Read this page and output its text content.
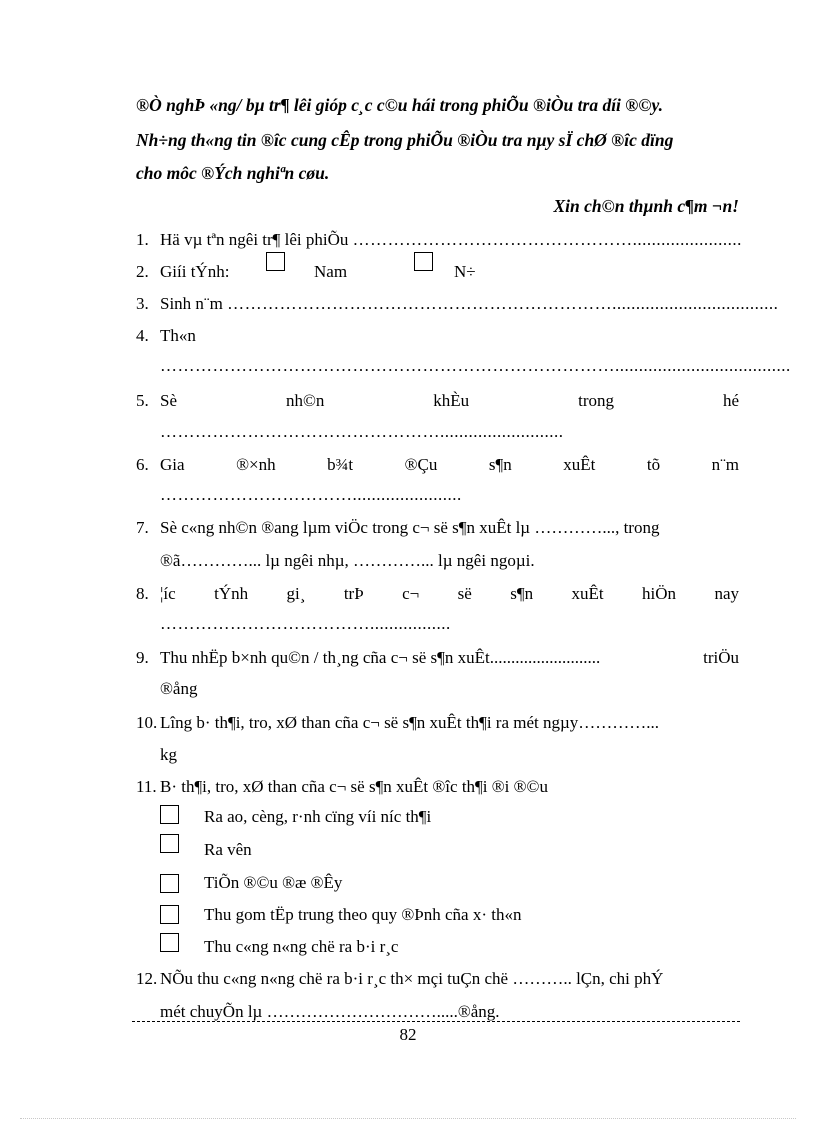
®Ò nghÞ «ng/ bµ tr¶ lêi gióp c¸c c©u hái trong phiÕu ®iÒu tra díi ®©y.
Nh÷ng th«ng tin ®îc cung cÊp trong phiÕu ®iÒu tra nµy sÏ chØ ®îc dïng
cho môc ®Ých nghiªn cøu.
Xin ch©n thµnh c¶m ¬n!
1. Hä vµ tªn ngêi tr¶ lêi phiÕu ………………………………………….......................
2. Giíi tÝnh:	Nam	N÷
3. Sinh n¨m …………………………………………………………...................................
4. Th«n
…………………………………………………………………….....................................
5. Sè	nh©n	khÈu	trong	hé
…………………………………………..........................
6. Gia	®×nh	b¾t	®Çu	s¶n	xuÊt	tõ	n¨m
…………………………….......................
7. Sè c«ng nh©n ®ang lµm viÖc trong c¬ së s¶n xuÊt lµ …………..., trong
®ã…………... lµ ngêi nhµ, …………... lµ ngêi ngoµi.
8. ¦íc tÝnh gi¸ trÞ c¬ së s¶n xuÊt hiÖn nay
……………………………….................
9. Thu nhËp b×nh qu©n / th¸ng cña c¬ së s¶n xuÊt..........................	triÖu
®ång
10. Lîng b· th¶i, tro, xØ than cña c¬ së s¶n xuÊt th¶i ra mét ngµy…………...
kg
11. B· th¶i, tro, xØ than cña c¬ së s¶n xuÊt ®îc th¶i ®i ®©u
Ra ao, cèng, r·nh cïng víi níc th¶i
Ra vên
TiÕn ®©u ®æ ®Êy
Thu gom tËp trung theo quy ®Þnh cña x· th«n
Thu c«ng n«ng chë ra b·i r¸c
12. NÕu thu c«ng n«ng chë ra b·i r¸c th× mçi tuÇn chë ……….. lÇn, chi phÝ
mét chuyÕn lµ ………………………….....®ång.
82
